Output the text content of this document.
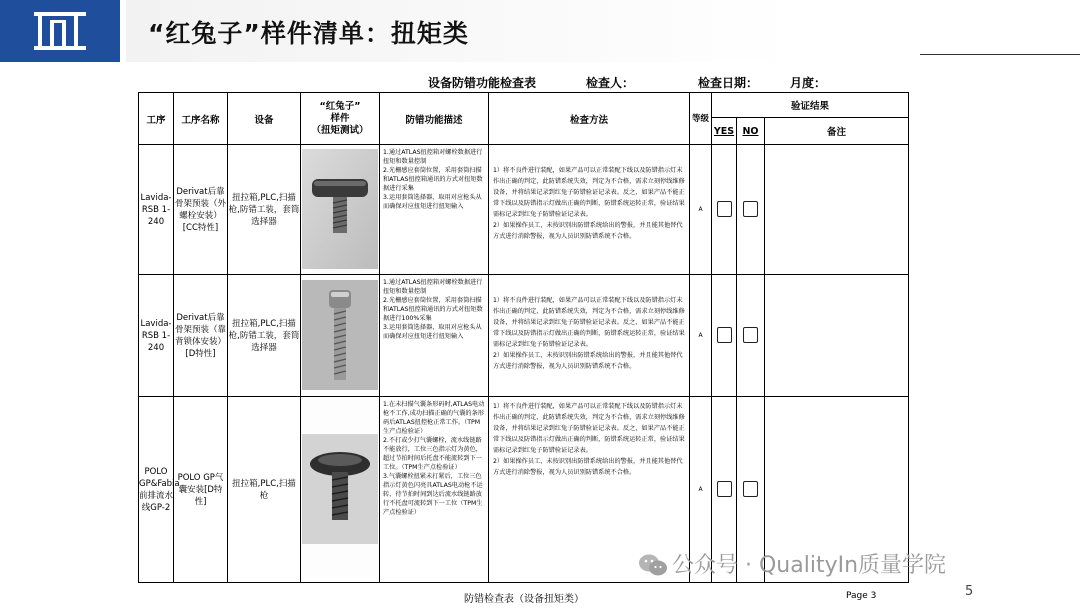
“红兔子”样件清单：扭矩类
设备防错功能检查表	检查人：	检查日期：	月度：
工序	工序名称	设备	“红兔子”
样件
（扭矩测试）	防错功能描述	检查方法	等级	验证结果		
							YES	NO	备注
Lavida-RSB 1-240	Derivat后靠骨架预装（外螺栓安装）[CC特性]	扭拉箱,PLC,扫描枪,防错工装，套筒选择器		1.通过ATLAS扭控箱对螺栓数据进行扭矩和数量控制
2.光栅感应套筒位置，采用套筒扫描和ATLAS扭控箱通讯的方式对扭矩数据进行采集
3.运用套筒选择器，取用对应枪头从而确保对应扭矩进行扭矩输入	1）将不良件进行装配，如果产品可以正常装配下线以及防错指示灯未作出正确的判定，此防错系统失效，判定为不合格，需求立刻停线维修设备，并将结果记录到红兔子防错验证记录表。反之，如果产品不能正常下线以及防错指示灯做出正确的判断，防错系统运转正常，验证结果需标记录到红兔子防错验证记录表。
2）如果操作员工，未按识别出防错系统给出的警报，并且能其他替代方式进行消除警报，视为人员识别防错系统不合格。	A			
Lavida-RSB 1-240	Derivat后靠骨架预装（靠背锁体安装）[D特性]	扭拉箱,PLC,扫描枪,防错工装，套筒选择器		1.通过ATLAS扭控箱对螺栓数据进行扭矩和数量控制
2.光栅感应套筒位置，采用套筒扫描和ATLAS扭控箱通讯的方式对扭矩数据进行100%采集
3.运用套筒选择器，取用对应枪头从而确保对应扭矩进行扭矩输入	1）将不良件进行装配，如果产品可以正常装配下线以及防错指示灯未作出正确的判定，此防错系统失效，判定为不合格，需求立刻停线维修设备，并将结果记录到红兔子防错验证记录表。反之，如果产品不能正常下线以及防错指示灯做出正确的判断，防错系统运转正常，验证结果需标记录到红兔子防错验证记录表。
2）如果操作员工，未按识别出防错系统给出的警报，并且能其他替代方式进行消除警报，视为人员识别防错系统不合格。	A			
POLO GP&Fabia前排流水线GP-2	POLO GP气囊安装[D特性]	扭拉箱,PLC,扫描枪		1.在未扫描气囊条形码时,ATLAS电动枪不工作,成功扫描正确的气囊的条形码后ATLAS扭控枪正常工作。（TPM生产点检验证）
2.不打或少打气囊螺栓，流水线链路不能放行，工位三色指示灯为黄色，超过节拍时间后托盘不能流转到下一工位。（TPM生产点检验证）
3.气囊螺栓扭紧未打紧后，工位三色指示灯黄色闪亮具ATLAS电动枪不运转，待节拍时间到达后流水线链路放行不托盘可流转到下一工位（TPM生产点检验证）	1）将不良件进行装配，如果产品可以正常装配下线以及防错指示灯未作出正确的判定，此防错系统失效，判定为不合格，需求立刻停线维修设备，并将结果记录到红兔子防错验证记录表。反之，如果产品不能正常下线以及防错指示灯做出正确的判断，防错系统运转正常，验证结果需标记录到红兔子防错验证记录表。
2）如果操作员工，未按识别出防错系统给出的警报，并且能其他替代方式进行消除警报，视为人员识别防错系统不合格。	A			
公众号 · QualityIn质量学院
防错检查表（设备扭矩类）	Page 3	5
